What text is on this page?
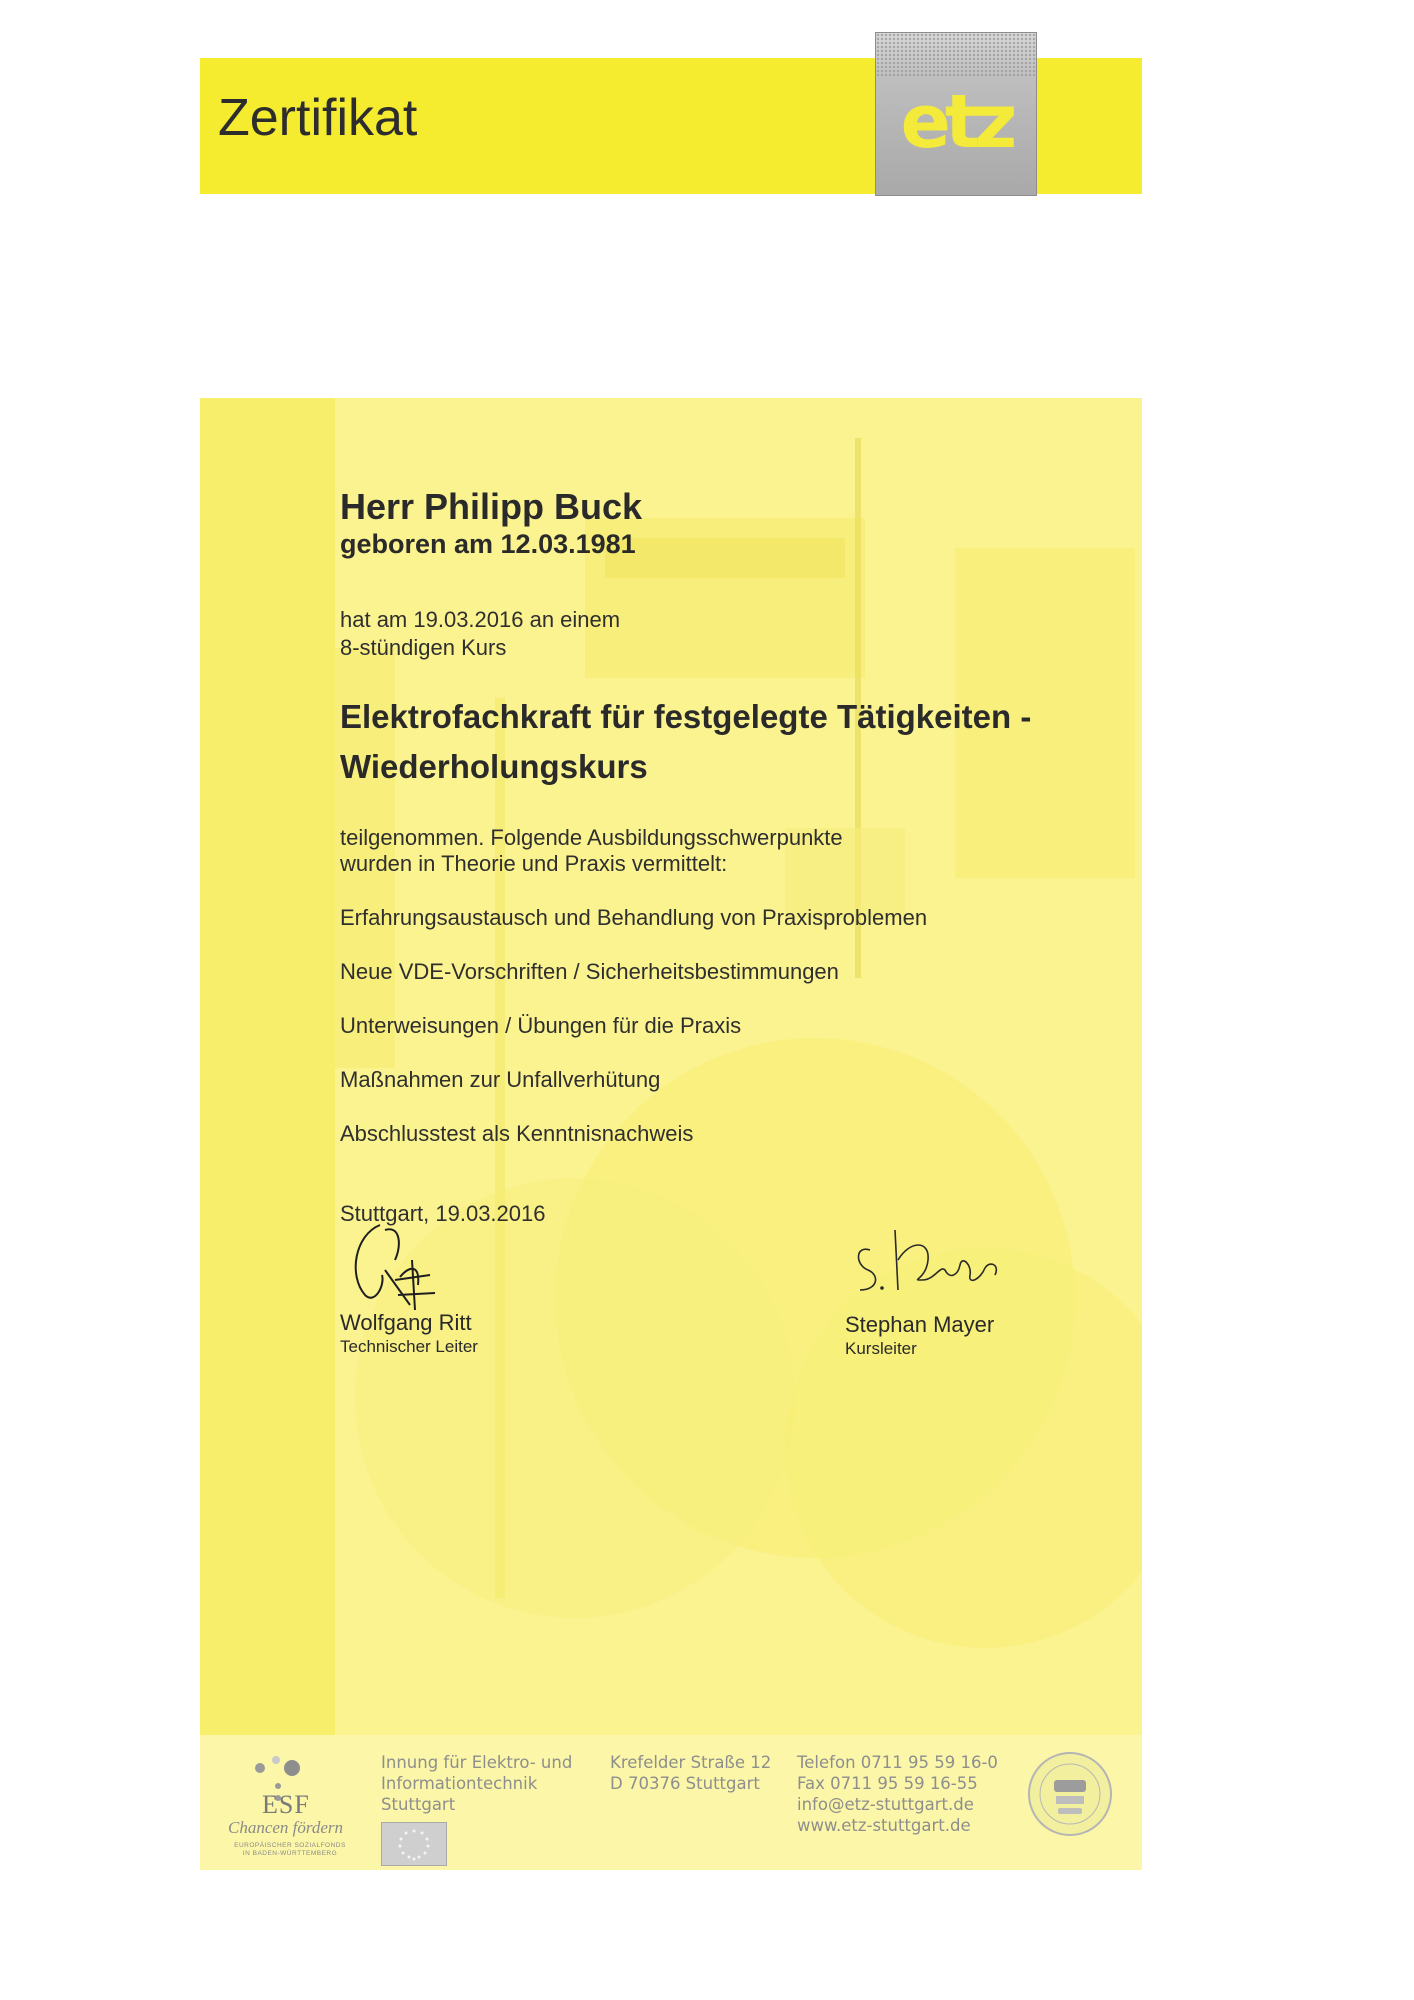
Zertifikat	etz
Herr Philipp Buck
geboren am 12.03.1981
hat am 19.03.2016 an einem
8-stündigen Kurs
Elektrofachkraft für festgelegte Tätigkeiten -
Wiederholungskurs
teilgenommen. Folgende Ausbildungsschwerpunkte
wurden in Theorie und Praxis vermittelt:
Erfahrungsaustausch und Behandlung von Praxisproblemen
Neue VDE-Vorschriften / Sicherheitsbestimmungen
Unterweisungen / Übungen für die Praxis
Maßnahmen zur Unfallverhütung
Abschlusstest als Kenntnisnachweis
Stuttgart, 19.03.2016
Wolfgang Ritt
Technischer Leiter
Stephan Mayer
Kursleiter
ESF
Chancen fördern
EUROPÄISCHER SOZIALFONDS
IN BADEN-WÜRTTEMBERG
Innung für Elektro- und
Informationtechnik
Stuttgart
Krefelder Straße 12
D 70376 Stuttgart
Telefon 0711 95 59 16-0
Fax 0711 95 59 16-55
info@etz-stuttgart.de
www.etz-stuttgart.de
